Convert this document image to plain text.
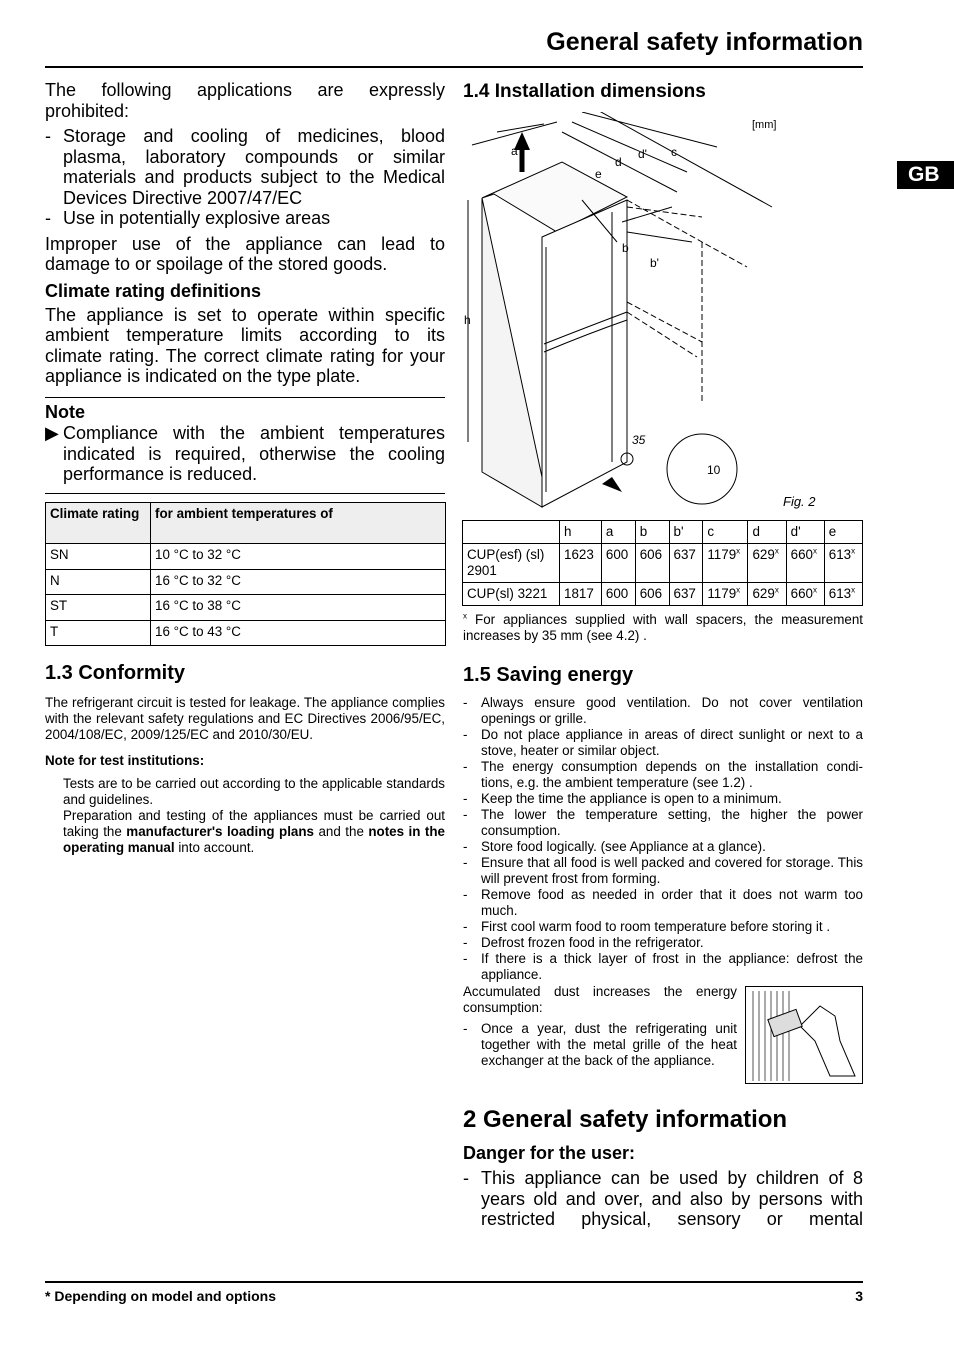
General safety information
GB
The following applications are expressly prohibited:
- Storage and cooling of medicines, blood plasma, laboratory compounds or similar materials and products subject to the Medical Devices Directive 2007/47/EC
- Use in potentially explosive areas
Improper use of the appliance can lead to damage to or spoilage of the stored goods.
Climate rating definitions
The appliance is set to operate within specific ambient temperature limits according to its climate rating. The correct climate rating for your appliance is indicated on the type plate.
Note
▶ Compliance with the ambient temperatures indicated is required, otherwise the cooling performance is reduced.
Climate rating	for ambient temperatures of
SN	10 °C to 32 °C
N	16 °C to 32 °C
ST	16 °C to 38 °C
T	16 °C to 43 °C
1.3 Conformity
The refrigerant circuit is tested for leakage. The appliance complies with the relevant safety regulations and EC Directives 2006/95/EC, 2004/108/EC, 2009/125/EC and 2010/30/EU.
Note for test institutions:
Tests are to be carried out according to the applicable standards and guidelines.
Preparation and testing of the appliances must be carried out taking the manufacturer's loading plans and the notes in the operating manual into account.
1.4 Installation dimensions
a
d
d' c
e
b
b'
h
35
10
[mm]
Fig. 2
	h	a	b	b'	c	d	d'	e
CUP(esf) (sl) 2901	1623	600	606	637	1179$^x$	629$^x$	660$^x$	613$^x$
CUP(sl) 3221	1817	600	606	637	1179$^x$	629$^x$	660$^x$	613$^x$
$^x$ For appliances supplied with wall spacers, the measurement increases by 35 mm (see 4.2) .
1.5 Saving energy
-	Always ensure good ventilation. Do not cover ventilation openings or grille.
-	Do not place appliance in areas of direct sunlight or next to a stove, heater or similar object.
-	The energy consumption depends on the installation condi-tions, e.g. the ambient temperature (see 1.2) .
-	Keep the time the appliance is open to a minimum.
-	The lower the temperature setting, the higher the power consumption.
-	Store food logically. (see Appliance at a glance).
-	Ensure that all food is well packed and covered for storage. This will prevent frost from forming.
-	Remove food as needed in order that it does not warm too much.
-	First cool warm food to room temperature before storing it .
-	Defrost frozen food in the refrigerator.
-	If there is a thick layer of frost in the appliance: defrost the appliance.
Accumulated dust increases the energy consumption:
-	Once a year, dust the refrigerating unit together with the metal grille of the heat exchanger at the back of the appliance.
2 General safety information
Danger for the user:
- This appliance can be used by children of 8 years old and over, and also by persons with restricted physical, sensory or mental
* Depending on model and options	3
